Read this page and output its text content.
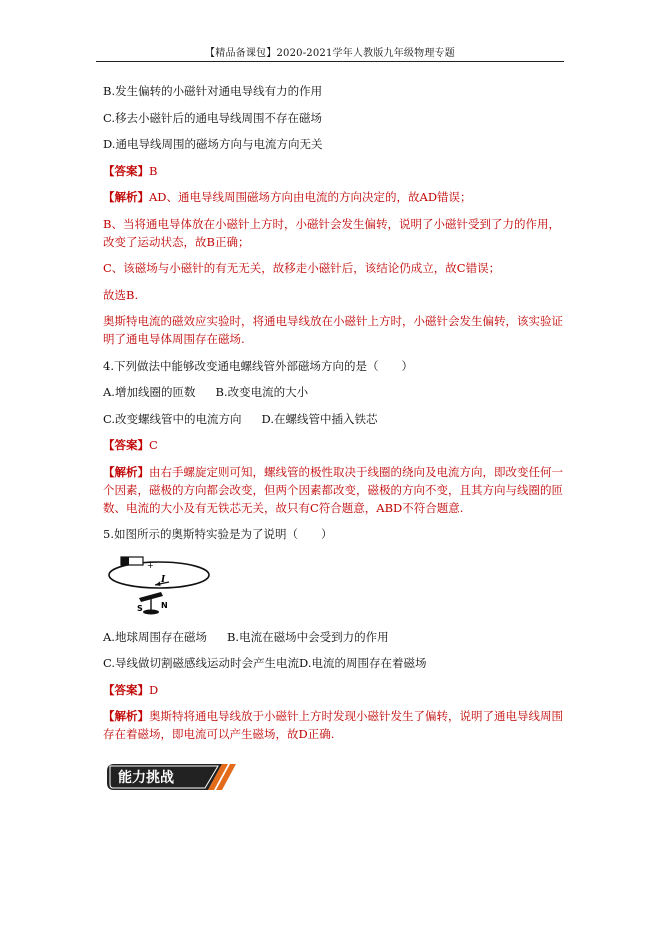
【精品备课包】2020-2021学年人教版九年级物理专题
B.发生偏转的小磁针对通电导线有力的作用
C.移去小磁针后的通电导线周围不存在磁场
D.通电导线周围的磁场方向与电流方向无关
【答案】B
【解析】AD、通电导线周围磁场方向由电流的方向决定的，故AD错误；
B、当将通电导体放在小磁针上方时，小磁针会发生偏转，说明了小磁针受到了力的作用，改变了运动状态，故B正确；
C、该磁场与小磁针的有无无关，故移走小磁针后，该结论仍成立，故C错误；
故选B.
奥斯特电流的磁效应实验时，将通电导线放在小磁针上方时，小磁针会发生偏转，该实验证明了通电导体周围存在磁场.
4.下列做法中能够改变通电螺线管外部磁场方向的是（　　）
A.增加线圈的匝数 B.改变电流的大小
C.改变螺线管中的电流方向 D.在螺线管中插入铁芯
【答案】C
【解析】由右手螺旋定则可知，螺线管的极性取决于线圈的绕向及电流方向，即改变任何一个因素，磁极的方向都会改变，但两个因素都改变，磁极的方向不变，且其方向与线圈的匝数、电流的大小及有无铁芯无关，故只有C符合题意，ABD不符合题意.
5.如图所示的奥斯特实验是为了说明（　　）
+
I
S N
A.地球周围存在磁场 B.电流在磁场中会受到力的作用
C.导线做切割磁感线运动时会产生电流D.电流的周围存在着磁场
【答案】D
【解析】奥斯特将通电导线放于小磁针上方时发现小磁针发生了偏转，说明了通电导线周围存在着磁场，即电流可以产生磁场，故D正确.
能力挑战
